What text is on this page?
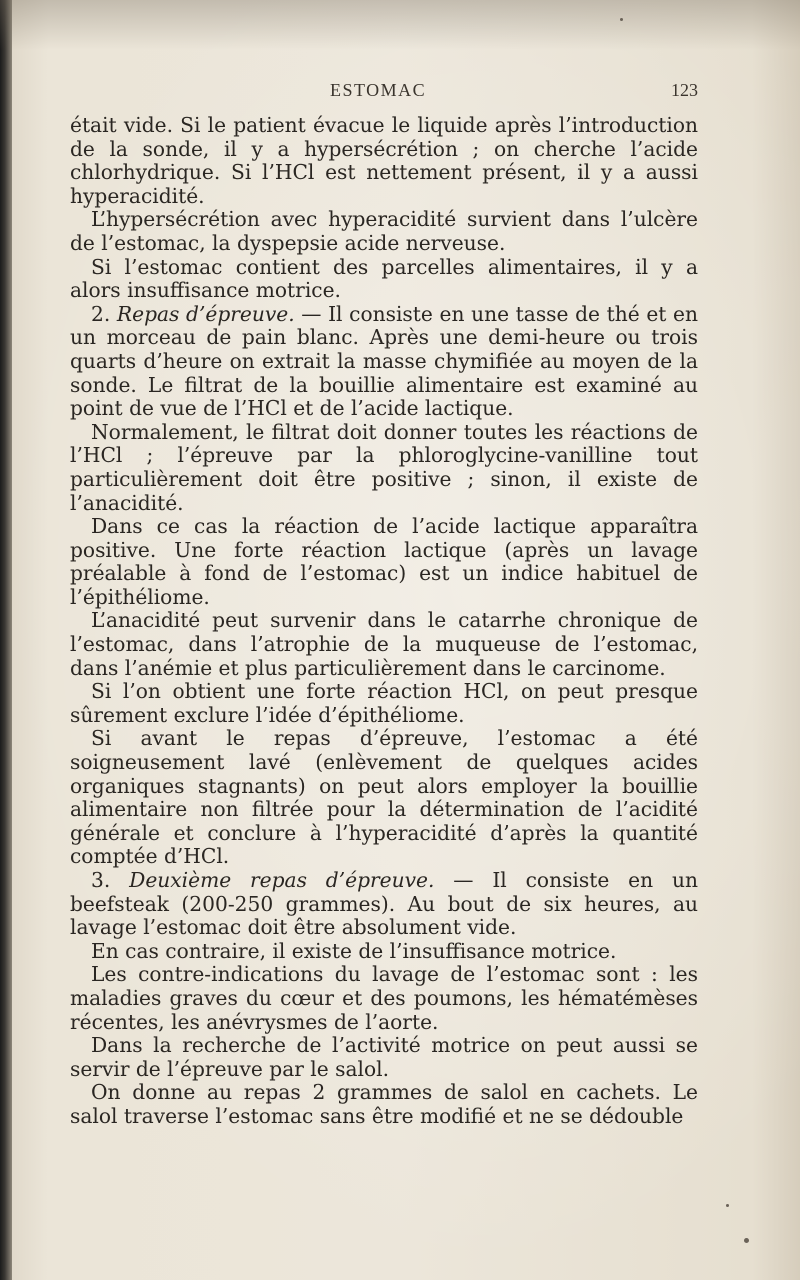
ESTOMAC	123

était vide. Si le patient évacue le liquide après l’introduction de la sonde, il y a hypersécrétion ; on cherche l’acide chlorhydrique. Si l’HCl est nettement présent, il y a aussi hyperacidité.

L’hypersécrétion avec hyperacidité survient dans l’ulcère de l’estomac, la dyspepsie acide nerveuse.

Si l’estomac contient des parcelles alimentaires, il y a alors insuffisance motrice.

2. Repas d’épreuve. — Il consiste en une tasse de thé et en un morceau de pain blanc. Après une demi-heure ou trois quarts d’heure on extrait la masse chymifiée au moyen de la sonde. Le filtrat de la bouillie alimentaire est examiné au point de vue de l’HCl et de l’acide lactique.

Normalement, le filtrat doit donner toutes les réactions de l’HCl ; l’épreuve par la phloroglycine-vanilline tout particulièrement doit être positive ; sinon, il existe de l’anacidité.

Dans ce cas la réaction de l’acide lactique apparaîtra positive. Une forte réaction lactique (après un lavage préalable à fond de l’estomac) est un indice habituel de l’épithéliome.

L’anacidité peut survenir dans le catarrhe chronique de l’estomac, dans l’atrophie de la muqueuse de l’estomac, dans l’anémie et plus particulièrement dans le carcinome.

Si l’on obtient une forte réaction HCl, on peut presque sûrement exclure l’idée d’épithéliome.

Si avant le repas d’épreuve, l’estomac a été soigneusement lavé (enlèvement de quelques acides organiques stagnants) on peut alors employer la bouillie alimentaire non filtrée pour la détermination de l’acidité générale et conclure à l’hyperacidité d’après la quantité comptée d’HCl.

3. Deuxième repas d’épreuve. — Il consiste en un beefsteak (200-250 grammes). Au bout de six heures, au lavage l’estomac doit être absolument vide.

En cas contraire, il existe de l’insuffisance motrice.

Les contre-indications du lavage de l’estomac sont : les maladies graves du cœur et des poumons, les hématémèses récentes, les anévrysmes de l’aorte.

Dans la recherche de l’activité motrice on peut aussi se servir de l’épreuve par le salol.

On donne au repas 2 grammes de salol en cachets. Le salol traverse l’estomac sans être modifié et ne se dédouble
